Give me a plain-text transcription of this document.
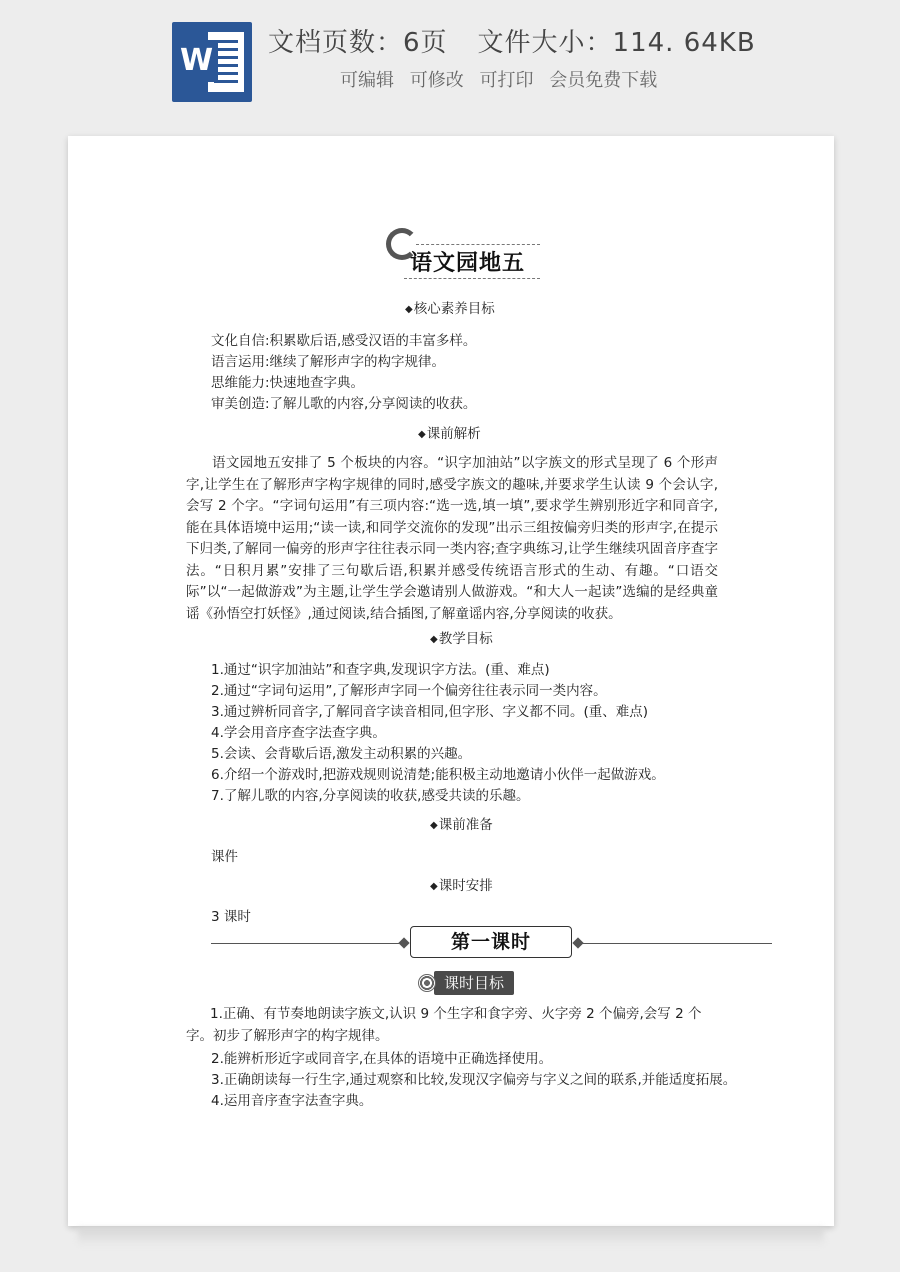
W 文档页数：6页 文件大小：114. 64KB
可编辑 可修改 可打印 会员免费下载
语文园地五
◆核心素养目标
文化自信:积累歇后语,感受汉语的丰富多样。
语言运用:继续了解形声字的构字规律。
思维能力:快速地查字典。
审美创造:了解儿歌的内容,分享阅读的收获。
◆课前解析
语文园地五安排了 5 个板块的内容。“识字加油站”以字族文的形式呈现了 6 个形声字,让学生在了解形声字构字规律的同时,感受字族文的趣味,并要求学生认读 9 个会认字,会写 2 个字。“字词句运用”有三项内容:“选一选,填一填”,要求学生辨别形近字和同音字,能在具体语境中运用;“读一读,和同学交流你的发现”出示三组按偏旁归类的形声字,在提示下归类,了解同一偏旁的形声字往往表示同一类内容;查字典练习,让学生继续巩固音序查字法。“日积月累”安排了三句歇后语,积累并感受传统语言形式的生动、有趣。“口语交际”以“一起做游戏”为主题,让学生学会邀请别人做游戏。“和大人一起读”选编的是经典童谣《孙悟空打妖怪》,通过阅读,结合插图,了解童谣内容,分享阅读的收获。
◆教学目标
1.通过“识字加油站”和查字典,发现识字方法。(重、难点)
2.通过“字词句运用”,了解形声字同一个偏旁往往表示同一类内容。
3.通过辨析同音字,了解同音字读音相同,但字形、字义都不同。(重、难点)
4.学会用音序查字法查字典。
5.会读、会背歇后语,激发主动积累的兴趣。
6.介绍一个游戏时,把游戏规则说清楚;能积极主动地邀请小伙伴一起做游戏。
7.了解儿歌的内容,分享阅读的收获,感受共读的乐趣。
◆课前准备
课件
◆课时安排
3 课时
第一课时
课时目标
1.正确、有节奏地朗读字族文,认识 9 个生字和食字旁、火字旁 2 个偏旁,会写 2 个字。初步了解形声字的构字规律。
2.能辨析形近字或同音字,在具体的语境中正确选择使用。
3.正确朗读每一行生字,通过观察和比较,发现汉字偏旁与字义之间的联系,并能适度拓展。
4.运用音序查字法查字典。
